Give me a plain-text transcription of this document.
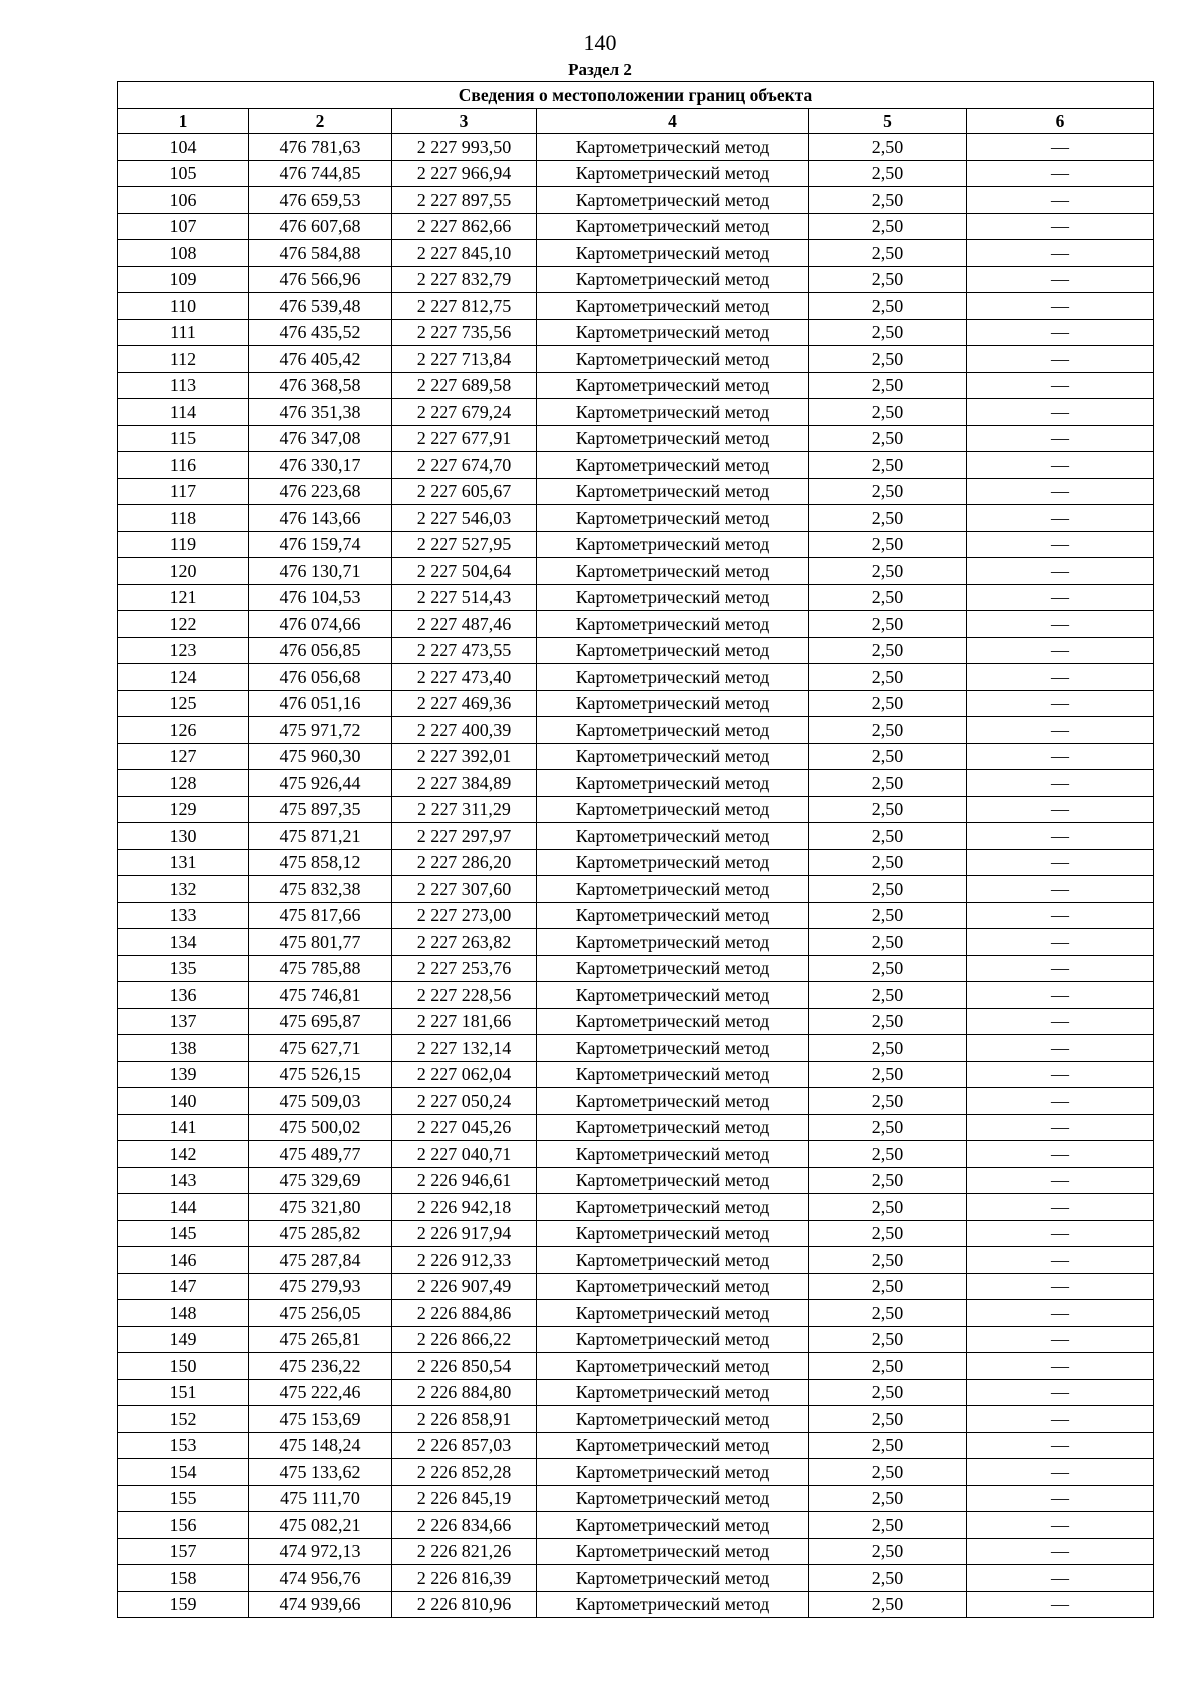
140
Раздел 2
Сведения о местоположении границ объекта					
1	2	3	4	5	6
104	476 781,63	2 227 993,50	Картометрический метод	2,50	—
105	476 744,85	2 227 966,94	Картометрический метод	2,50	—
106	476 659,53	2 227 897,55	Картометрический метод	2,50	—
107	476 607,68	2 227 862,66	Картометрический метод	2,50	—
108	476 584,88	2 227 845,10	Картометрический метод	2,50	—
109	476 566,96	2 227 832,79	Картометрический метод	2,50	—
110	476 539,48	2 227 812,75	Картометрический метод	2,50	—
111	476 435,52	2 227 735,56	Картометрический метод	2,50	—
112	476 405,42	2 227 713,84	Картометрический метод	2,50	—
113	476 368,58	2 227 689,58	Картометрический метод	2,50	—
114	476 351,38	2 227 679,24	Картометрический метод	2,50	—
115	476 347,08	2 227 677,91	Картометрический метод	2,50	—
116	476 330,17	2 227 674,70	Картометрический метод	2,50	—
117	476 223,68	2 227 605,67	Картометрический метод	2,50	—
118	476 143,66	2 227 546,03	Картометрический метод	2,50	—
119	476 159,74	2 227 527,95	Картометрический метод	2,50	—
120	476 130,71	2 227 504,64	Картометрический метод	2,50	—
121	476 104,53	2 227 514,43	Картометрический метод	2,50	—
122	476 074,66	2 227 487,46	Картометрический метод	2,50	—
123	476 056,85	2 227 473,55	Картометрический метод	2,50	—
124	476 056,68	2 227 473,40	Картометрический метод	2,50	—
125	476 051,16	2 227 469,36	Картометрический метод	2,50	—
126	475 971,72	2 227 400,39	Картометрический метод	2,50	—
127	475 960,30	2 227 392,01	Картометрический метод	2,50	—
128	475 926,44	2 227 384,89	Картометрический метод	2,50	—
129	475 897,35	2 227 311,29	Картометрический метод	2,50	—
130	475 871,21	2 227 297,97	Картометрический метод	2,50	—
131	475 858,12	2 227 286,20	Картометрический метод	2,50	—
132	475 832,38	2 227 307,60	Картометрический метод	2,50	—
133	475 817,66	2 227 273,00	Картометрический метод	2,50	—
134	475 801,77	2 227 263,82	Картометрический метод	2,50	—
135	475 785,88	2 227 253,76	Картометрический метод	2,50	—
136	475 746,81	2 227 228,56	Картометрический метод	2,50	—
137	475 695,87	2 227 181,66	Картометрический метод	2,50	—
138	475 627,71	2 227 132,14	Картометрический метод	2,50	—
139	475 526,15	2 227 062,04	Картометрический метод	2,50	—
140	475 509,03	2 227 050,24	Картометрический метод	2,50	—
141	475 500,02	2 227 045,26	Картометрический метод	2,50	—
142	475 489,77	2 227 040,71	Картометрический метод	2,50	—
143	475 329,69	2 226 946,61	Картометрический метод	2,50	—
144	475 321,80	2 226 942,18	Картометрический метод	2,50	—
145	475 285,82	2 226 917,94	Картометрический метод	2,50	—
146	475 287,84	2 226 912,33	Картометрический метод	2,50	—
147	475 279,93	2 226 907,49	Картометрический метод	2,50	—
148	475 256,05	2 226 884,86	Картометрический метод	2,50	—
149	475 265,81	2 226 866,22	Картометрический метод	2,50	—
150	475 236,22	2 226 850,54	Картометрический метод	2,50	—
151	475 222,46	2 226 884,80	Картометрический метод	2,50	—
152	475 153,69	2 226 858,91	Картометрический метод	2,50	—
153	475 148,24	2 226 857,03	Картометрический метод	2,50	—
154	475 133,62	2 226 852,28	Картометрический метод	2,50	—
155	475 111,70	2 226 845,19	Картометрический метод	2,50	—
156	475 082,21	2 226 834,66	Картометрический метод	2,50	—
157	474 972,13	2 226 821,26	Картометрический метод	2,50	—
158	474 956,76	2 226 816,39	Картометрический метод	2,50	—
159	474 939,66	2 226 810,96	Картометрический метод	2,50	—
